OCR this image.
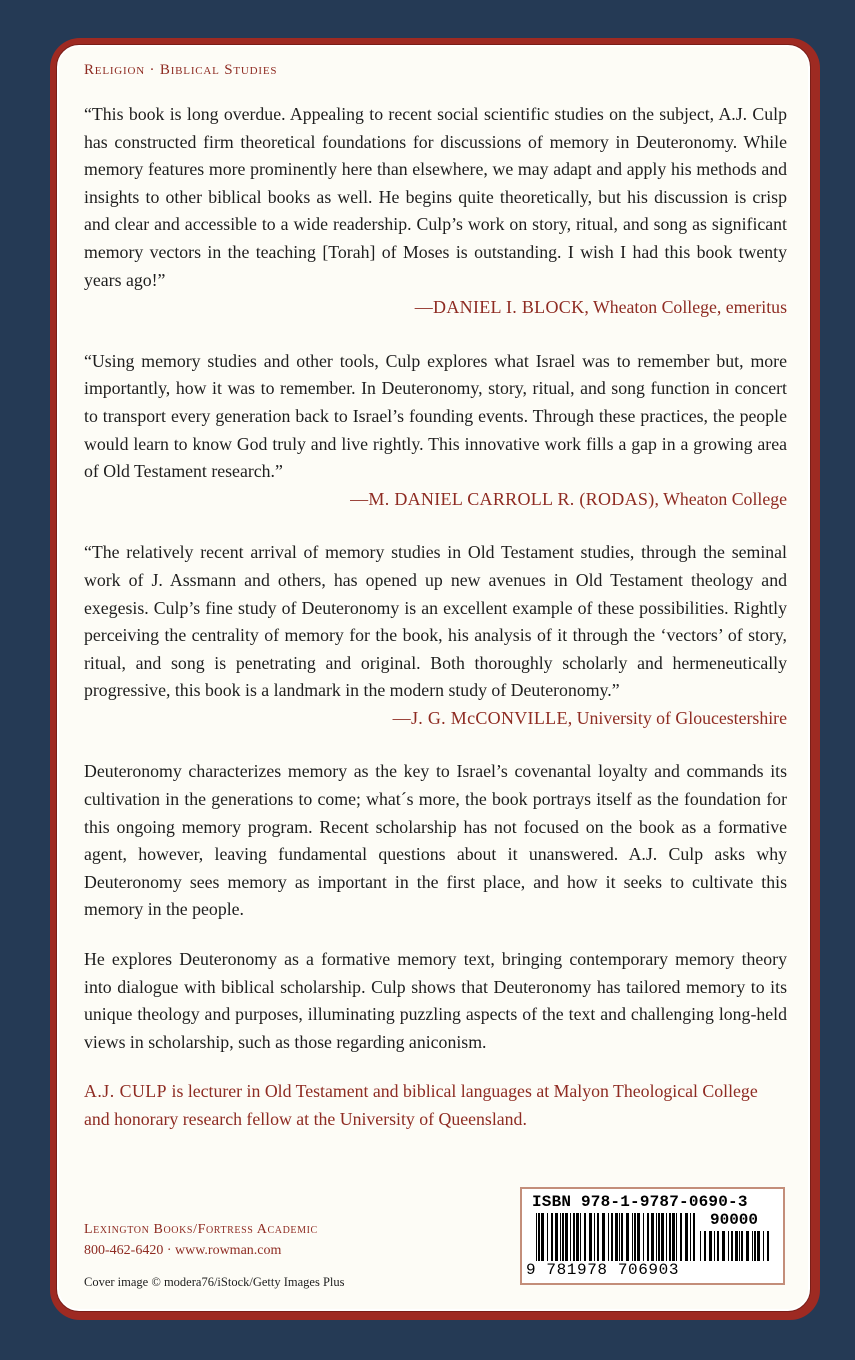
Religion · Biblical Studies

“This book is long overdue. Appealing to recent social scientific studies on the subject, A.J. Culp has constructed firm theoretical foundations for discussions of memory in Deuteronomy. While memory features more prominently here than elsewhere, we may adapt and apply his methods and insights to other biblical books as well. He begins quite theoretically, but his discussion is crisp and clear and accessible to a wide readership. Culp’s work on story, ritual, and song as significant memory vectors in the teaching [Torah] of Moses is outstanding. I wish I had this book twenty years ago!”

—DANIEL I. BLOCK, Wheaton College, emeritus

“Using memory studies and other tools, Culp explores what Israel was to remember but, more importantly, how it was to remember. In Deuteronomy, story, ritual, and song function in concert to transport every generation back to Israel’s founding events. Through these practices, the people would learn to know God truly and live rightly. This innovative work fills a gap in a growing area of Old Testament research.”

—M. DANIEL CARROLL R. (RODAS), Wheaton College

“The relatively recent arrival of memory studies in Old Testament studies, through the seminal work of J. Assmann and others, has opened up new avenues in Old Testament theology and exegesis. Culp’s fine study of Deuteronomy is an excellent example of these possibilities. Rightly perceiving the centrality of memory for the book, his analysis of it through the ‘vectors’ of story, ritual, and song is penetrating and original. Both thoroughly scholarly and hermeneutically progressive, this book is a landmark in the modern study of Deuteronomy.”

—J. G. McCONVILLE, University of Gloucestershire

Deuteronomy characterizes memory as the key to Israel’s covenantal loyalty and commands its cultivation in the generations to come; what´s more, the book portrays itself as the foundation for this ongoing memory program. Recent scholarship has not focused on the book as a formative agent, however, leaving fundamental questions about it unanswered. A.J. Culp asks why Deuteronomy sees memory as important in the first place, and how it seeks to cultivate this memory in the people.

He explores Deuteronomy as a formative memory text, bringing contemporary memory theory into dialogue with biblical scholarship. Culp shows that Deuteronomy has tailored memory to its unique theology and purposes, illuminating puzzling aspects of the text and challenging long-held views in scholarship, such as those regarding aniconism.

A.J. CULP is lecturer in Old Testament and biblical languages at Malyon Theological College and honorary research fellow at the University of Queensland.

Lexington Books/Fortress Academic
800-462-6420 · www.rowman.com
Cover image © modera76/iStock/Getty Images Plus
ISBN 978-1-9787-0690-3
9 781978 706903
90000
